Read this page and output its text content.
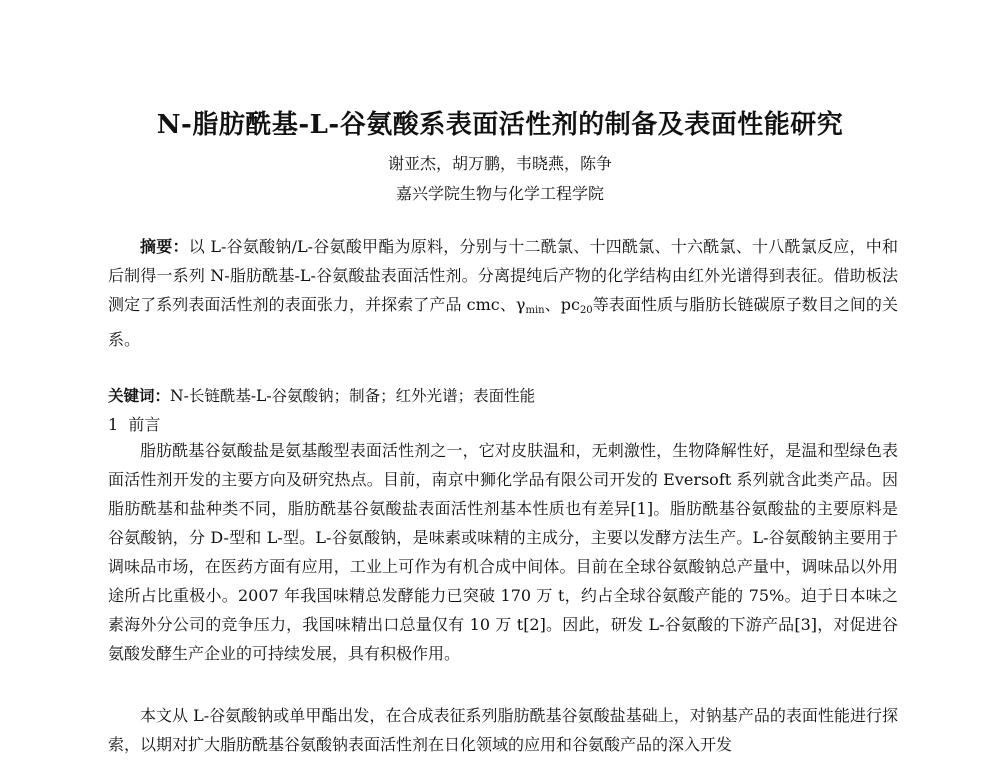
N-脂肪酰基-L-谷氨酸系表面活性剂的制备及表面性能研究
谢亚杰，胡万鹏，韦晓燕，陈争
嘉兴学院生物与化学工程学院
摘要：以 L-谷氨酸钠/L-谷氨酸甲酯为原料，分别与十二酰氯、十四酰氯、十六酰氯、十八酰氯反应，中和后制得一系列 N-脂肪酰基-L-谷氨酸盐表面活性剂。分离提纯后产物的化学结构由红外光谱得到表征。借助板法测定了系列表面活性剂的表面张力，并探索了产品 cmc、$\gamma_{min}$、$pc_{20}$等表面性质与脂肪长链碳原子数目之间的关系。
关键词：N-长链酰基-L-谷氨酸钠；制备；红外光谱；表面性能
1  前言
脂肪酰基谷氨酸盐是氨基酸型表面活性剂之一，它对皮肤温和，无刺激性，生物降解性好，是温和型绿色表面活性剂开发的主要方向及研究热点。目前，南京中狮化学品有限公司开发的 Eversoft 系列就含此类产品。因脂肪酰基和盐种类不同，脂肪酰基谷氨酸盐表面活性剂基本性质也有差异[1]。脂肪酰基谷氨酸盐的主要原料是谷氨酸钠，分 D-型和 L-型。L-谷氨酸钠，是味素或味精的主成分，主要以发酵方法生产。L-谷氨酸钠主要用于调味品市场，在医药方面有应用，工业上可作为有机合成中间体。目前在全球谷氨酸钠总产量中，调味品以外用途所占比重极小。2007 年我国味精总发酵能力已突破 170 万 t，约占全球谷氨酸产能的 75%。迫于日本味之素海外分公司的竞争压力，我国味精出口总量仅有 10 万 t[2]。因此，研发 L-谷氨酸的下游产品[3]，对促进谷氨酸发酵生产企业的可持续发展，具有积极作用。
本文从 L-谷氨酸钠或单甲酯出发，在合成表征系列脂肪酰基谷氨酸盐基础上，对钠基产品的表面性能进行探索，以期对扩大脂肪酰基谷氨酸钠表面活性剂在日化领域的应用和谷氨酸产品的深入开发
